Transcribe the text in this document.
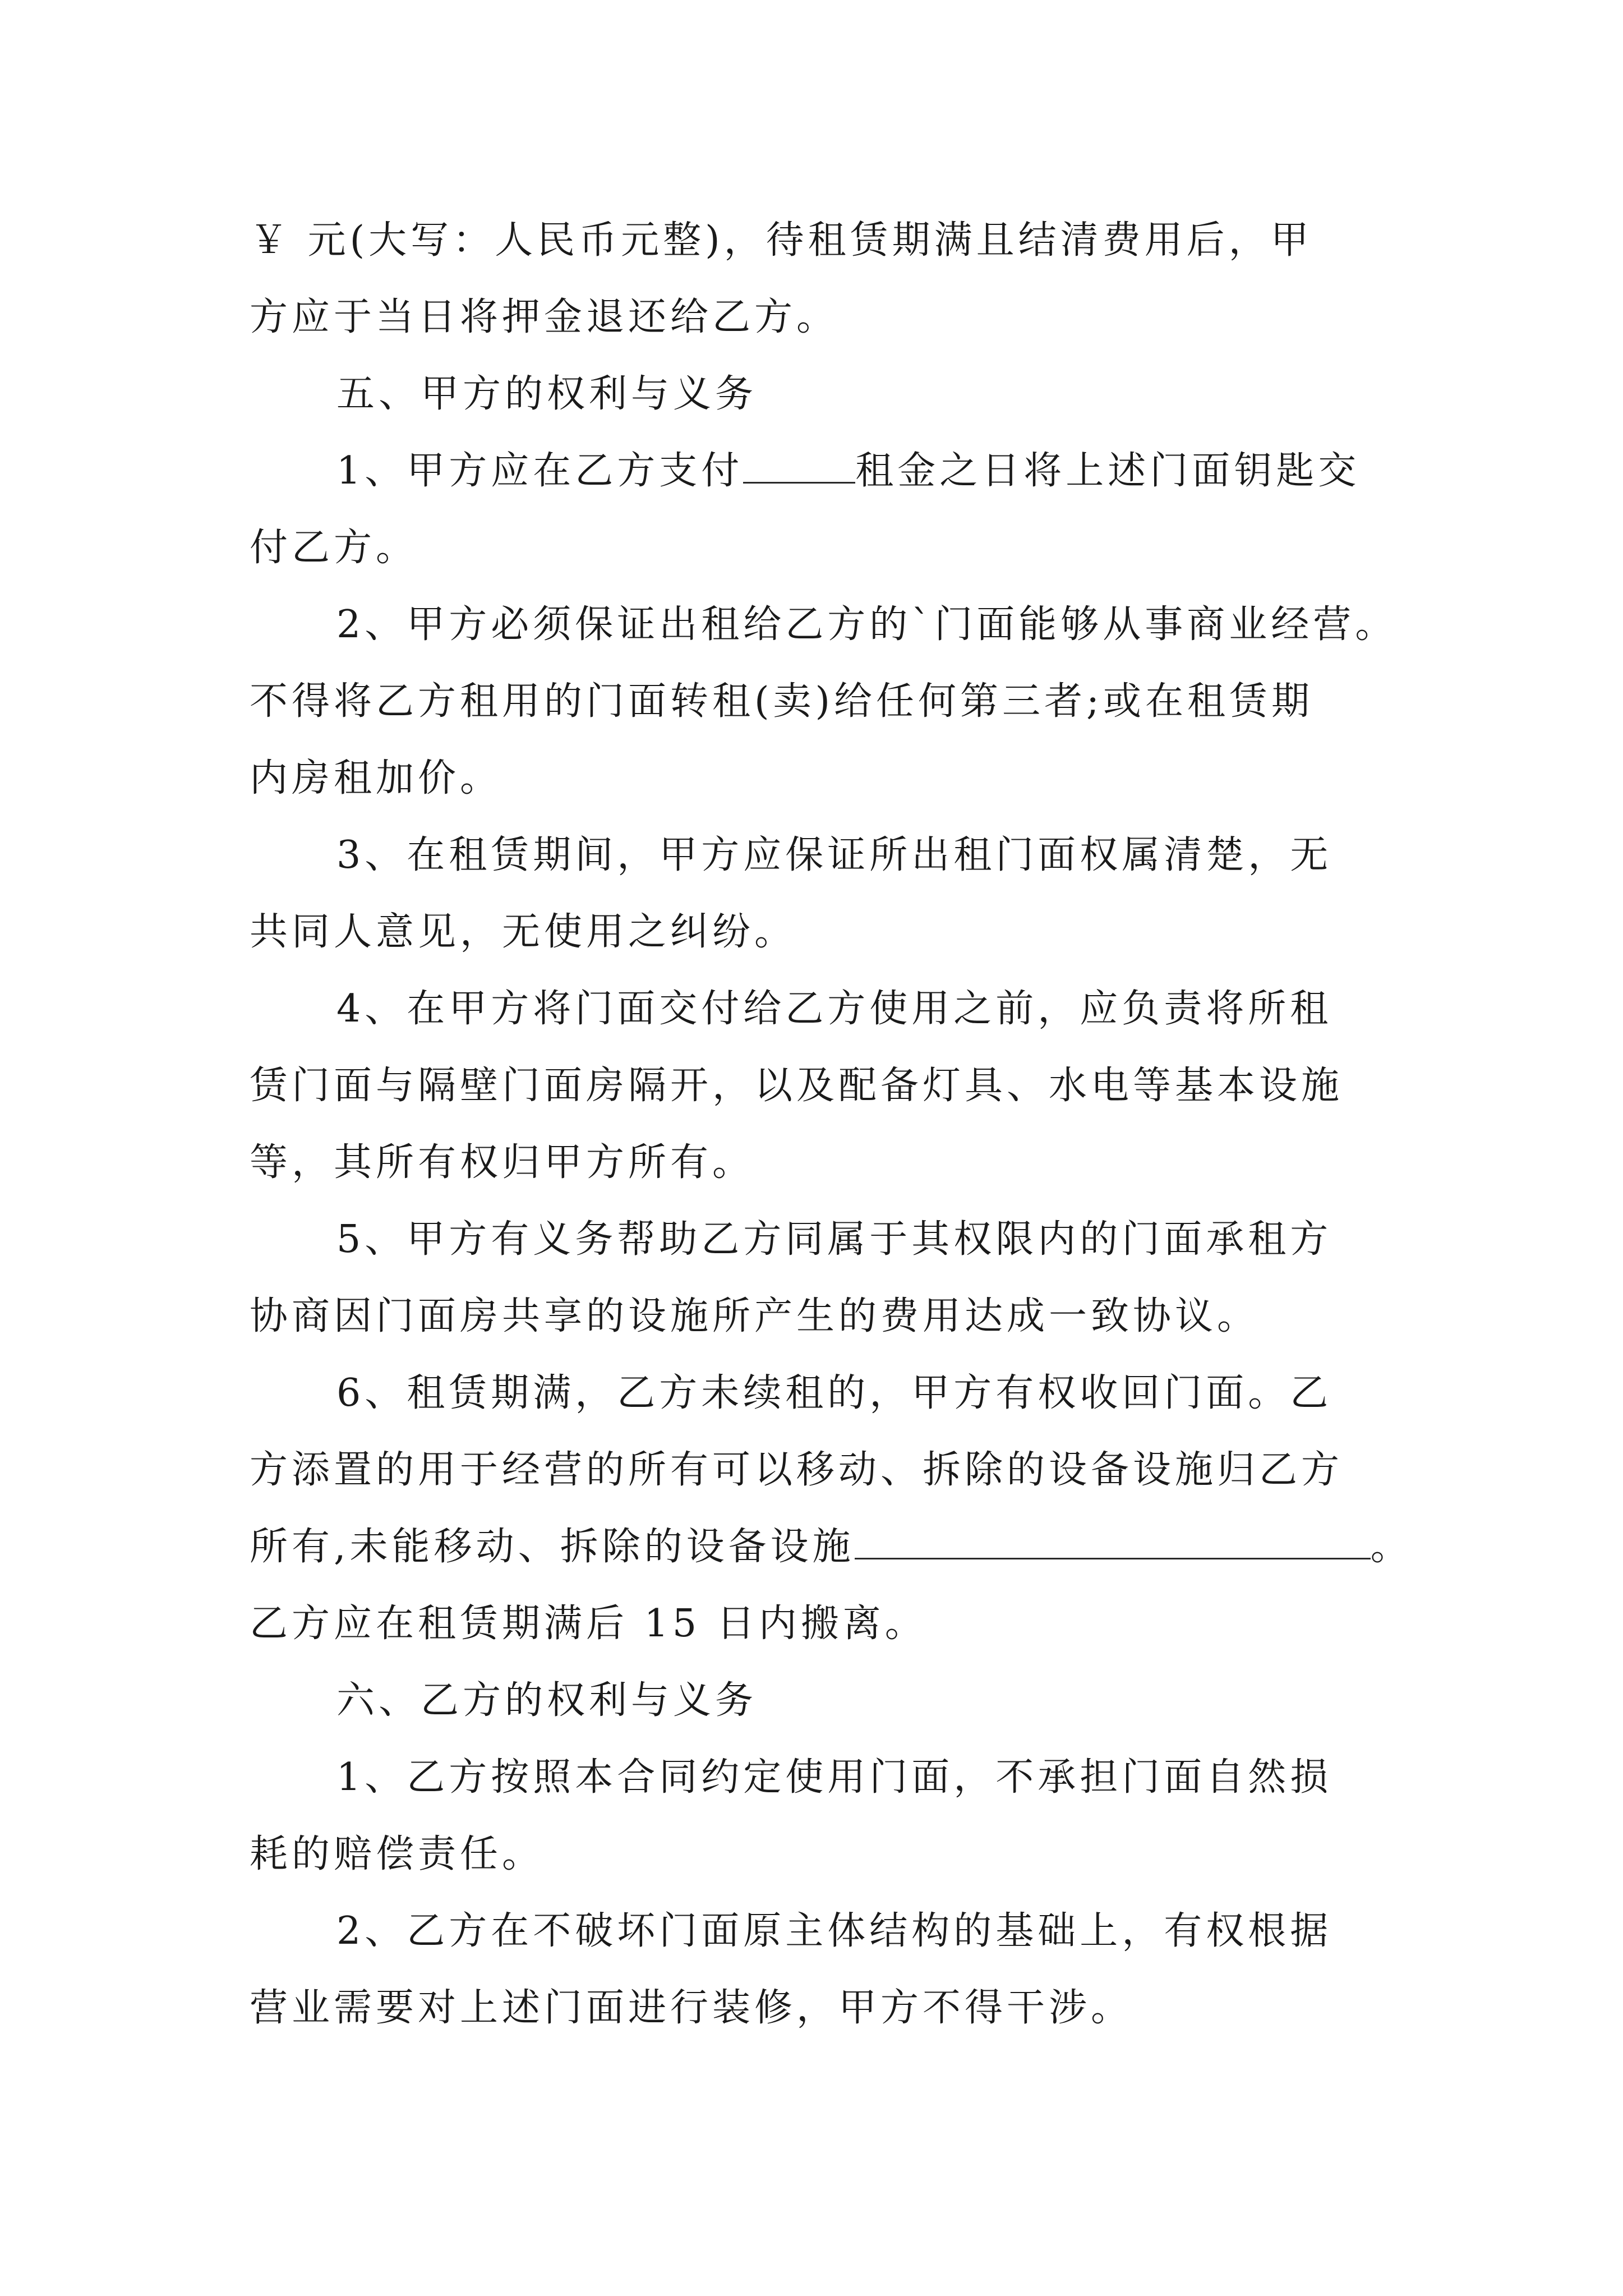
￥ 元(大写：人民币元整)，待租赁期满且结清费用后，甲
方应于当日将押金退还给乙方。
五、甲方的权利与义务
1、甲方应在乙方支付	租金之日将上述门面钥匙交
付乙方。
2、甲方必须保证出租给乙方的`门面能够从事商业经营。
不得将乙方租用的门面转租(卖)给任何第三者;或在租赁期
内房租加价。
3、在租赁期间，甲方应保证所出租门面权属清楚，无
共同人意见，无使用之纠纷。
4、在甲方将门面交付给乙方使用之前，应负责将所租
赁门面与隔壁门面房隔开，以及配备灯具、水电等基本设施
等，其所有权归甲方所有。
5、甲方有义务帮助乙方同属于其权限内的门面承租方
协商因门面房共享的设施所产生的费用达成一致协议。
6、租赁期满，乙方未续租的，甲方有权收回门面。乙
方添置的用于经营的所有可以移动、拆除的设备设施归乙方
所有,未能移动、拆除的设备设施	。
乙方应在租赁期满后 15 日内搬离。
六、乙方的权利与义务
1、乙方按照本合同约定使用门面，不承担门面自然损
耗的赔偿责任。
2、乙方在不破坏门面原主体结构的基础上，有权根据
营业需要对上述门面进行装修，甲方不得干涉。
